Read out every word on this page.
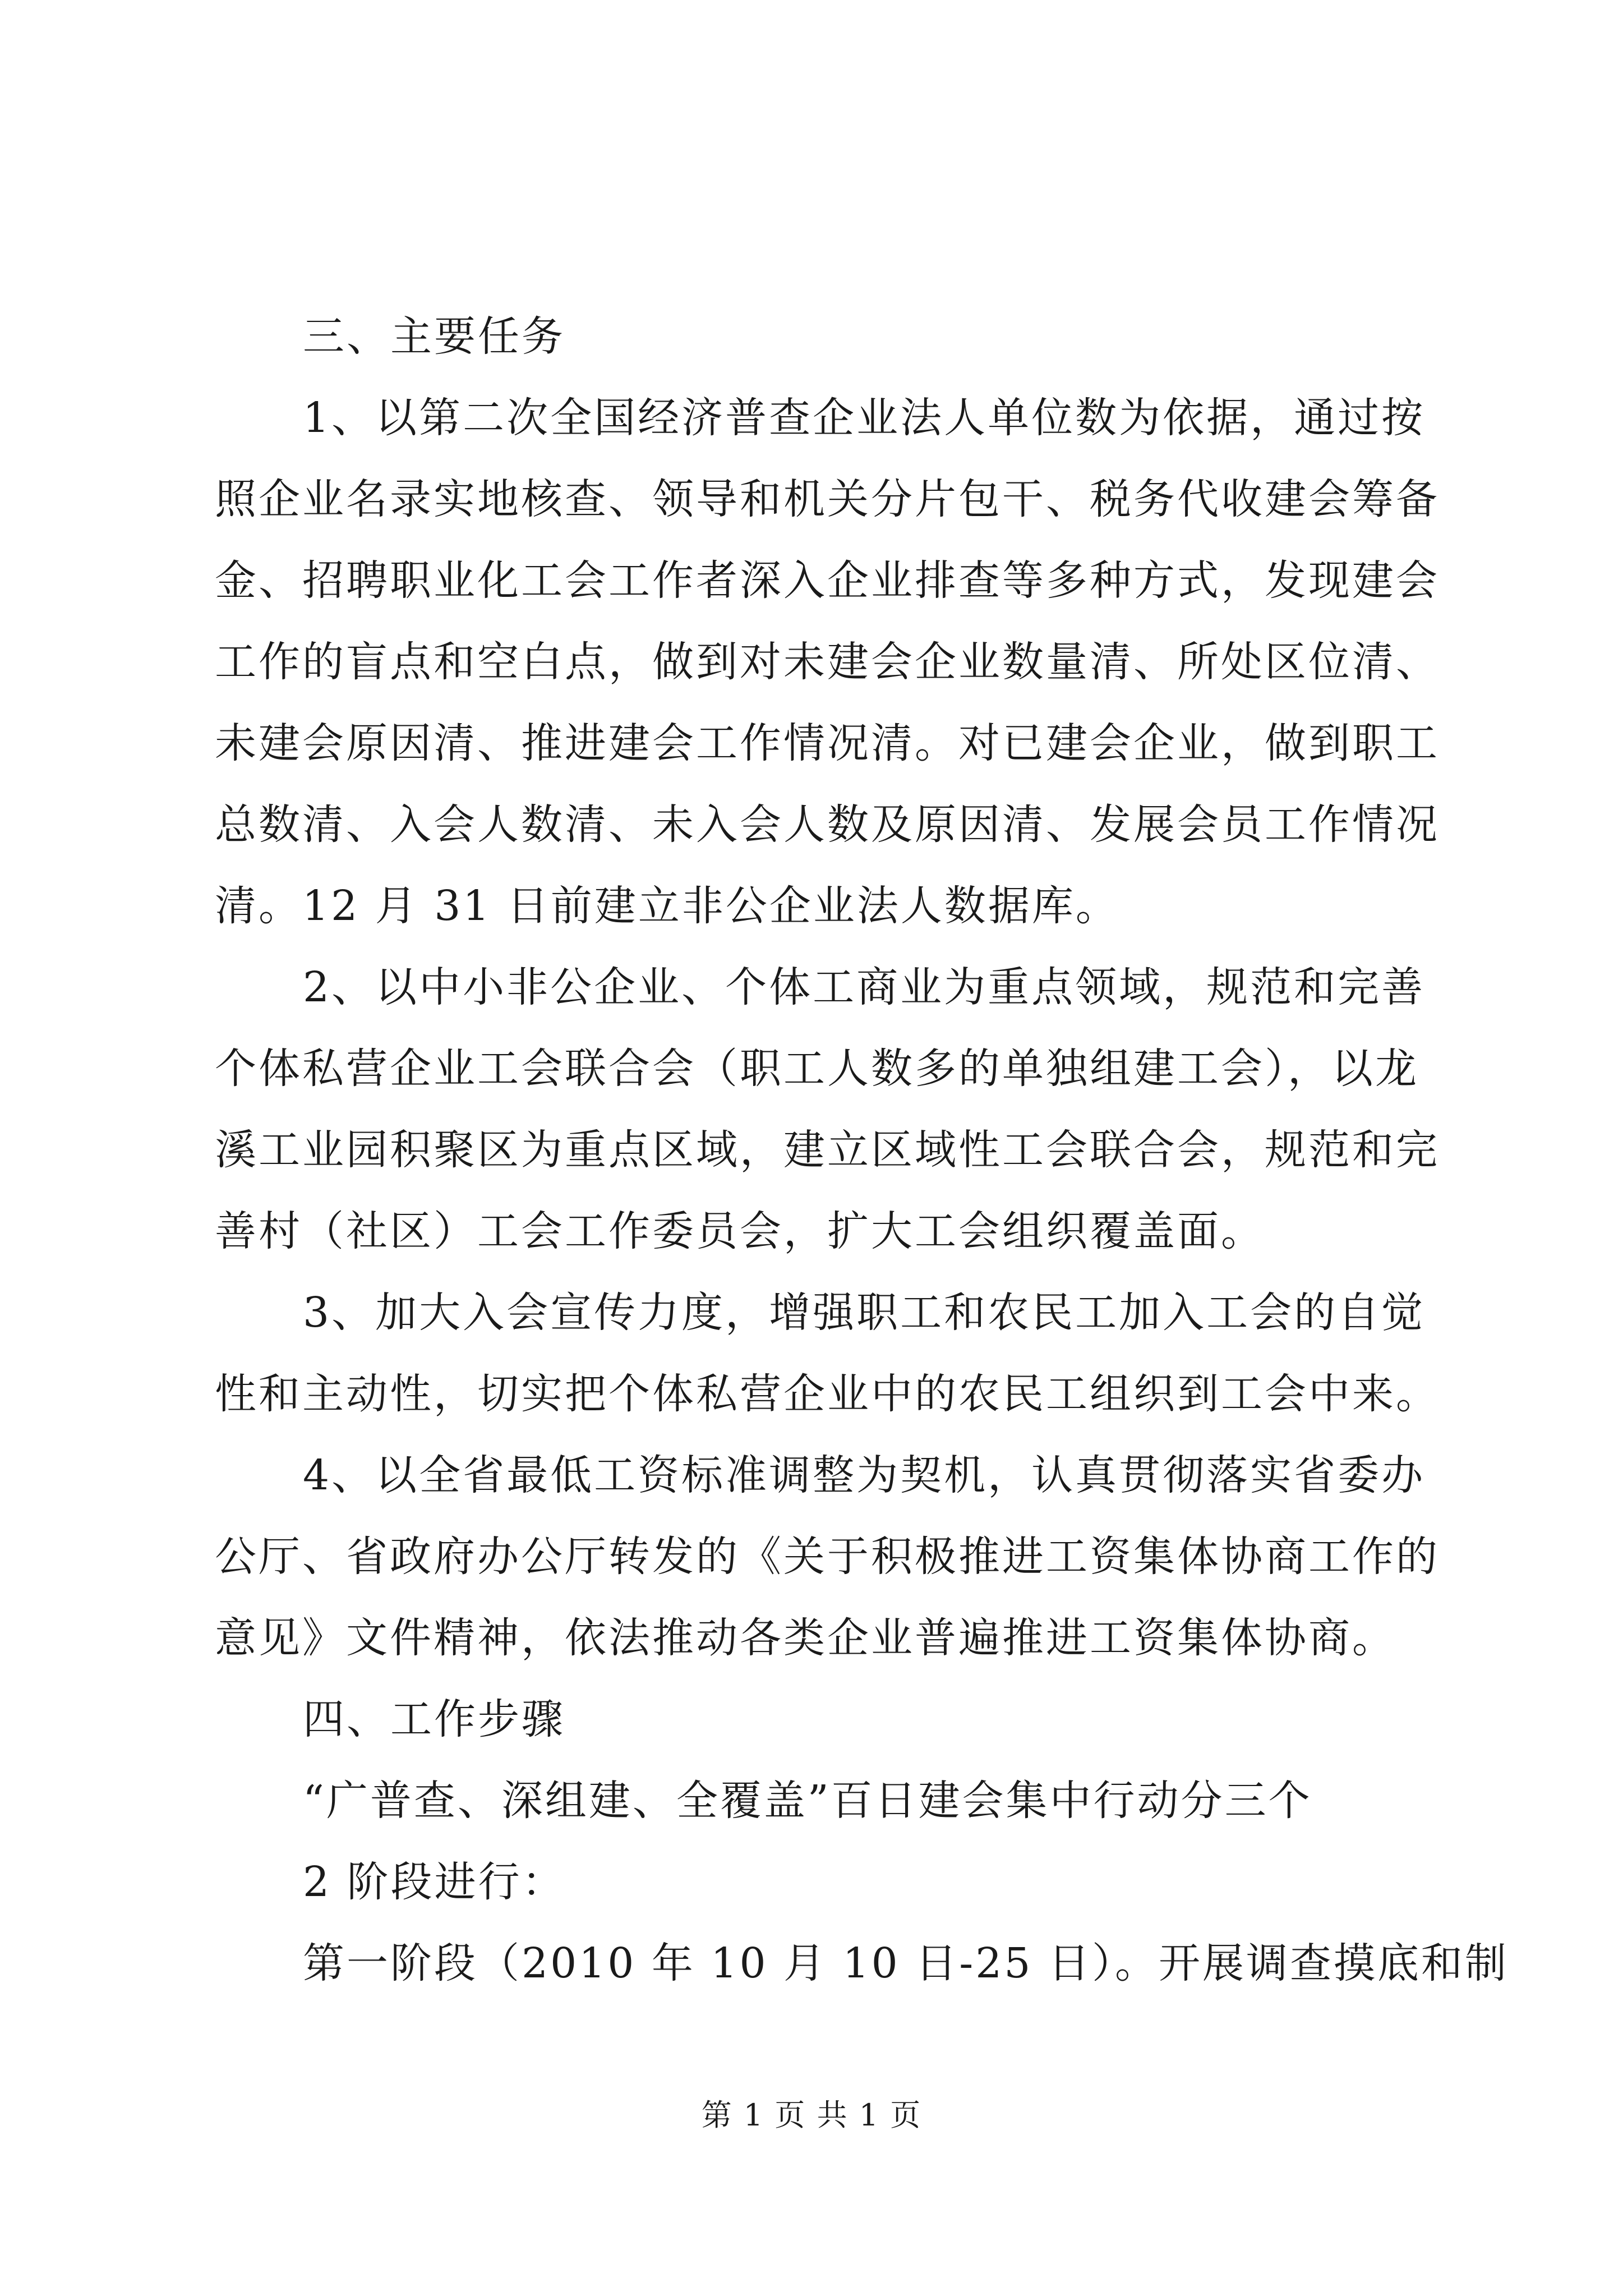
三、主要任务
1、以第二次全国经济普查企业法人单位数为依据，通过按
照企业名录实地核查、领导和机关分片包干、税务代收建会筹备
金、招聘职业化工会工作者深入企业排查等多种方式，发现建会
工作的盲点和空白点，做到对未建会企业数量清、所处区位清、
未建会原因清、推进建会工作情况清。对已建会企业，做到职工
总数清、入会人数清、未入会人数及原因清、发展会员工作情况
清。12 月 31 日前建立非公企业法人数据库。
2、以中小非公企业、个体工商业为重点领域，规范和完善
个体私营企业工会联合会（职工人数多的单独组建工会），以龙
溪工业园积聚区为重点区域，建立区域性工会联合会，规范和完
善村（社区）工会工作委员会，扩大工会组织覆盖面。
3、加大入会宣传力度，增强职工和农民工加入工会的自觉
性和主动性，切实把个体私营企业中的农民工组织到工会中来。
4、以全省最低工资标准调整为契机，认真贯彻落实省委办
公厅、省政府办公厅转发的《关于积极推进工资集体协商工作的
意见》文件精神，依法推动各类企业普遍推进工资集体协商。
四、工作步骤
“广普查、深组建、全覆盖”百日建会集中行动分三个
2 阶段进行：
第一阶段（2010 年 10 月 10 日-25 日）。开展调查摸底和制
第 1 页 共 1 页
